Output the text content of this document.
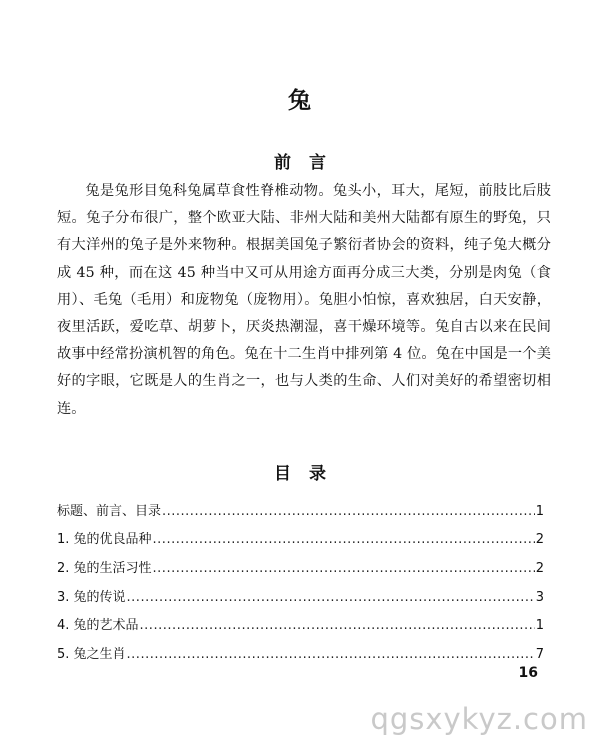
兔
前言

兔是兔形目兔科兔属草食性脊椎动物。兔头小，耳大，尾短，前肢比后肢短。兔子分布很广，整个欧亚大陆、非州大陆和美州大陆都有原生的野兔，只有大洋州的兔子是外来物种。根据美国兔子繁衍者协会的资料，纯子兔大概分成 45 种，而在这 45 种当中又可从用途方面再分成三大类，分别是肉兔（食用）、毛兔（毛用）和庞物兔（庞物用）。兔胆小怕惊，喜欢独居，白天安静，夜里活跃，爱吃草、胡萝卜，厌炎热潮湿，喜干燥环境等。兔自古以来在民间故事中经常扮演机智的角色。兔在十二生肖中排列第 4 位。兔在中国是一个美好的字眼，它既是人的生肖之一，也与人类的生命、人们对美好的希望密切相连。

目录
标题、前言、目录 .....	1
1. 兔的优良品种 .....	2
2. 兔的生活习性 .....	2
3. 兔的传说 .....	3
4. 兔的艺术品 .....	1
5. 兔之生肖 .....	7
16
qgsxykyz.com
